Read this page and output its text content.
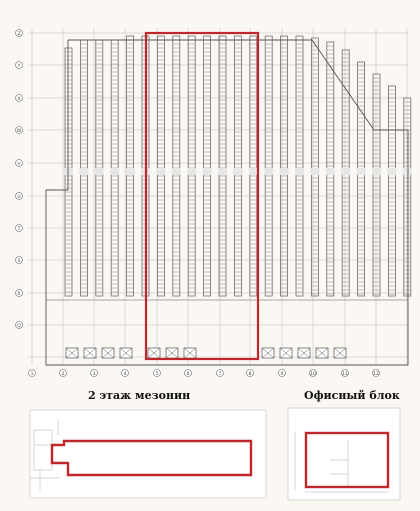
Z
Y
X
W
V
U
T
S
R
Q
1	2	3	4	5	6	7	8	9	10	11	12
2 этаж мезонин	Офисный блок
